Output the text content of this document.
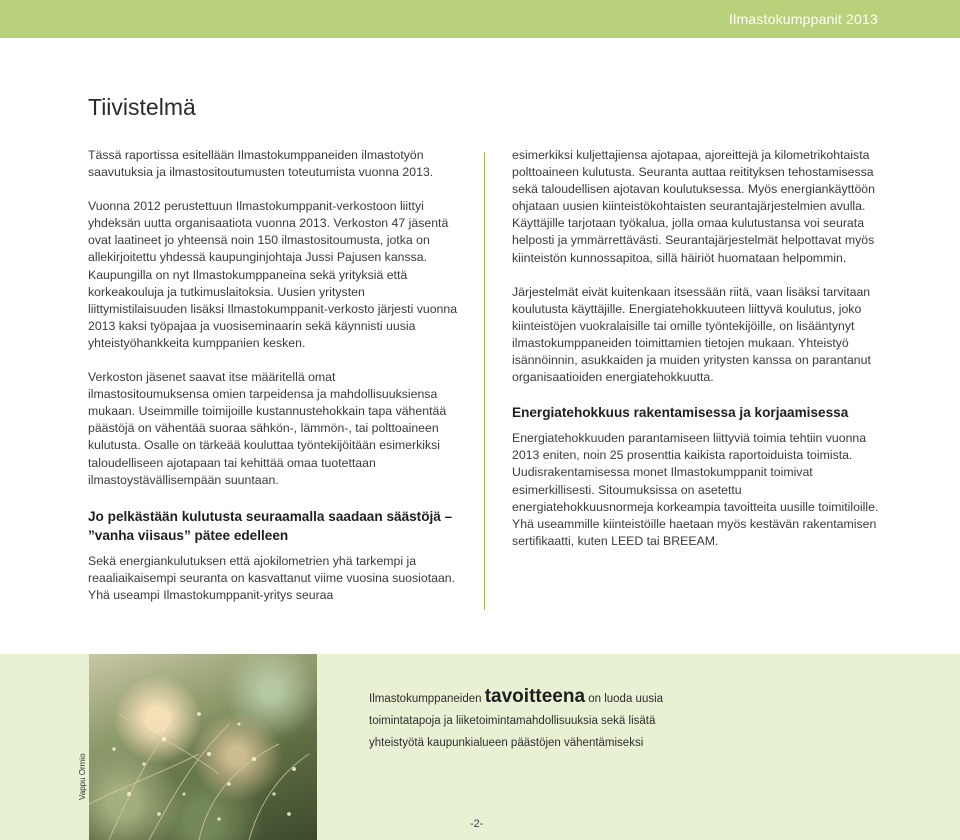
Ilmastokumppanit 2013
Tiivistelmä

Tässä raportissa esitellään Ilmastokumppaneiden ilmastotyön saavutuksia ja ilmastositoutumusten toteutumista vuonna 2013.

Vuonna 2012 perustettuun Ilmastokumppanit-verkostoon liittyi yhdeksän uutta organisaatiota vuonna 2013. Verkoston 47 jäsentä ovat laatineet jo yhteensä noin 150 ilmastositoumusta, jotka on allekirjoitettu yhdessä kaupunginjohtaja Jussi Pajusen kanssa. Kaupungilla on nyt Ilmastokumppaneina sekä yrityksiä että korkeakouluja ja tutkimuslaitoksia. Uusien yritysten liittymistilaisuuden lisäksi Ilmastokumppanit-verkosto järjesti vuonna 2013 kaksi työpajaa ja vuosiseminaarin sekä käynnisti uusia yhteistyöhankkeita kumppanien kesken.

Verkoston jäsenet saavat itse määritellä omat ilmastositoumuksensa omien tarpeidensa ja mahdollisuuksiensa mukaan. Useimmille toimijoille kustannustehokkain tapa vähentää päästöjä on vähentää suoraa sähkön-, lämmön-, tai polttoaineen kulutusta. Osalle on tärkeää kouluttaa työntekijöitään esimerkiksi taloudelliseen ajotapaan tai kehittää omaa tuotettaan ilmastoystävällisempään suuntaan.

Jo pelkästään kulutusta seuraamalla saadaan säästöjä – ”vanha viisaus” pätee edelleen

Sekä energiankulutuksen että ajokilometrien yhä tarkempi ja reaaliaikaisempi seuranta on kasvattanut viime vuosina suosiotaan. Yhä useampi Ilmastokumppanit-yritys seuraa

esimerkiksi kuljettajiensa ajotapaa, ajoreittejä ja kilometrikohtaista polttoaineen kulutusta. Seuranta auttaa reitityksen tehostamisessa sekä taloudellisen ajotavan koulutuksessa. Myös energiankäyttöön ohjataan uusien kiinteistökohtaisten seurantajärjestelmien avulla. Käyttäjille tarjotaan työkalua, jolla omaa kulutustansa voi seurata helposti ja ymmärrettävästi. Seurantajärjestelmät helpottavat myös kiinteistön kunnossapitoa, sillä häiriöt huomataan helpommin.

Järjestelmät eivät kuitenkaan itsessään riitä, vaan lisäksi tarvitaan koulutusta käyttäjille. Energiatehokkuuteen liittyvä koulutus, joko kiinteistöjen vuokralaisille tai omille työntekijöille, on lisääntynyt ilmastokumppaneiden toimittamien tietojen mukaan. Yhteistyö isännöinnin, asukkaiden ja muiden yritysten kanssa on parantanut organisaatioiden energiatehokkuutta.

Energiatehokkuus rakentamisessa ja korjaamisessa

Energiatehokkuuden parantamiseen liittyviä toimia tehtiin vuonna 2013 eniten, noin 25 prosenttia kaikista raportoiduista toimista. Uudisrakentamisessa monet Ilmastokumppanit toimivat esimerkillisesti. Sitoumuksissa on asetettu energiatehokkuusnormeja korkeampia tavoitteita uusille toimitiloille. Yhä useammille kiinteistöille haetaan myös kestävän rakentamisen sertifikaatti, kuten LEED tai BREEAM.

Vappu Ormio
Ilmastokumppaneiden tavoitteena on luoda uusia toimintatapoja ja liiketoimintamahdollisuuksia sekä lisätä yhteistyötä kaupunkialueen päästöjen vähentämiseksi
-2-
